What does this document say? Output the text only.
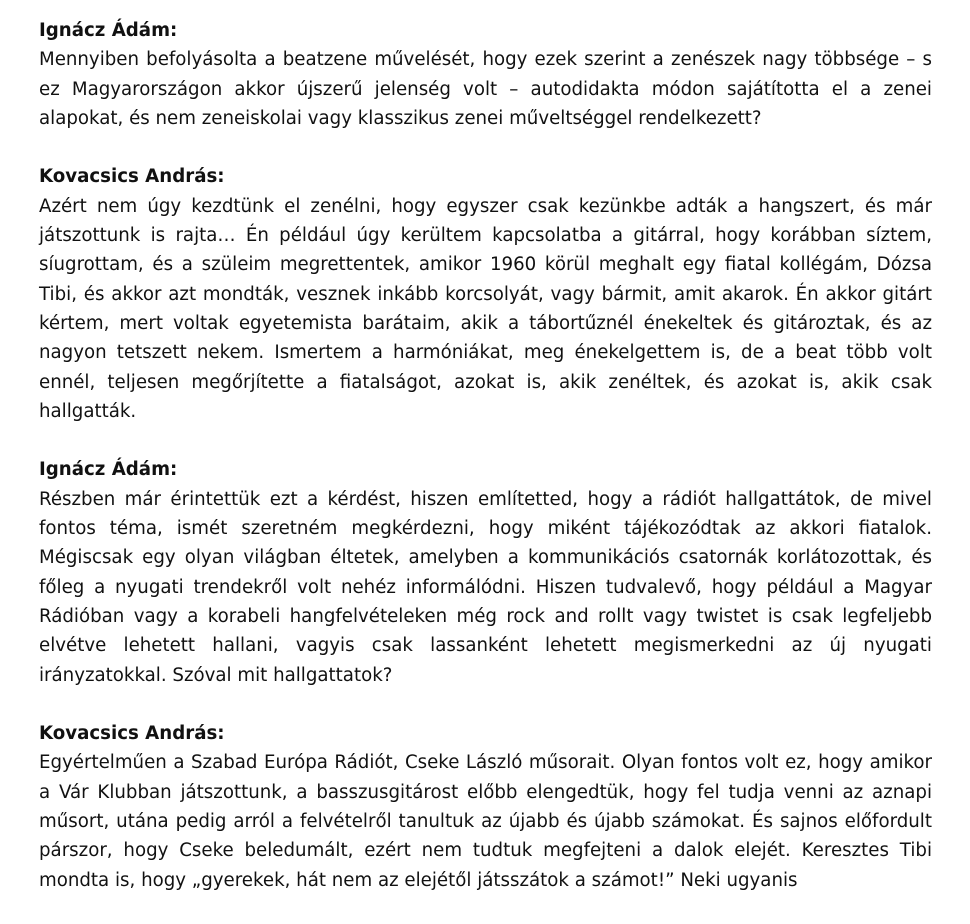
Ignácz Ádám:

Mennyiben befolyásolta a beatzene művelését, hogy ezek szerint a zenészek nagy többsége – s ez Magyarországon akkor újszerű jelenség volt – autodidakta módon sajátította el a zenei alapokat, és nem zeneiskolai vagy klasszikus zenei műveltséggel rendelkezett?

Kovacsics András:

Azért nem úgy kezdtünk el zenélni, hogy egyszer csak kezünkbe adták a hangszert, és már játszottunk is rajta… Én például úgy kerültem kapcsolatba a gitárral, hogy korábban síztem, síugrottam, és a szüleim megrettentek, amikor 1960 körül meghalt egy fiatal kollégám, Dózsa Tibi, és akkor azt mondták, vesznek inkább korcsolyát, vagy bármit, amit akarok. Én akkor gitárt kértem, mert voltak egyetemista barátaim, akik a tábortűznél énekeltek és gitároztak, és az nagyon tetszett nekem. Ismertem a harmóniákat, meg énekelgettem is, de a beat több volt ennél, teljesen megőrjítette a fiatalságot, azokat is, akik zenéltek, és azokat is, akik csak hallgatták.

Ignácz Ádám:

Részben már érintettük ezt a kérdést, hiszen említetted, hogy a rádiót hallgattátok, de mivel fontos téma, ismét szeretném megkérdezni, hogy miként tájékozódtak az akkori fiatalok. Mégiscsak egy olyan világban éltetek, amelyben a kommunikációs csatornák korlátozottak, és főleg a nyugati trendekről volt nehéz informálódni. Hiszen tudvalevő, hogy például a Magyar Rádióban vagy a korabeli hangfelvételeken még rock and rollt vagy twistet is csak legfeljebb elvétve lehetett hallani, vagyis csak lassanként lehetett megismerkedni az új nyugati irányzatokkal. Szóval mit hallgattatok?

Kovacsics András:

Egyértelműen a Szabad Európa Rádiót, Cseke László műsorait. Olyan fontos volt ez, hogy amikor a Vár Klubban játszottunk, a basszusgitárost előbb elengedtük, hogy fel tudja venni az aznapi műsort, utána pedig arról a felvételről tanultuk az újabb és újabb számokat. És sajnos előfordult párszor, hogy Cseke beledumált, ezért nem tudtuk megfejteni a dalok elejét. Keresztes Tibi mondta is, hogy „gyerekek, hát nem az elejétől játsszátok a számot!” Neki ugyanis
